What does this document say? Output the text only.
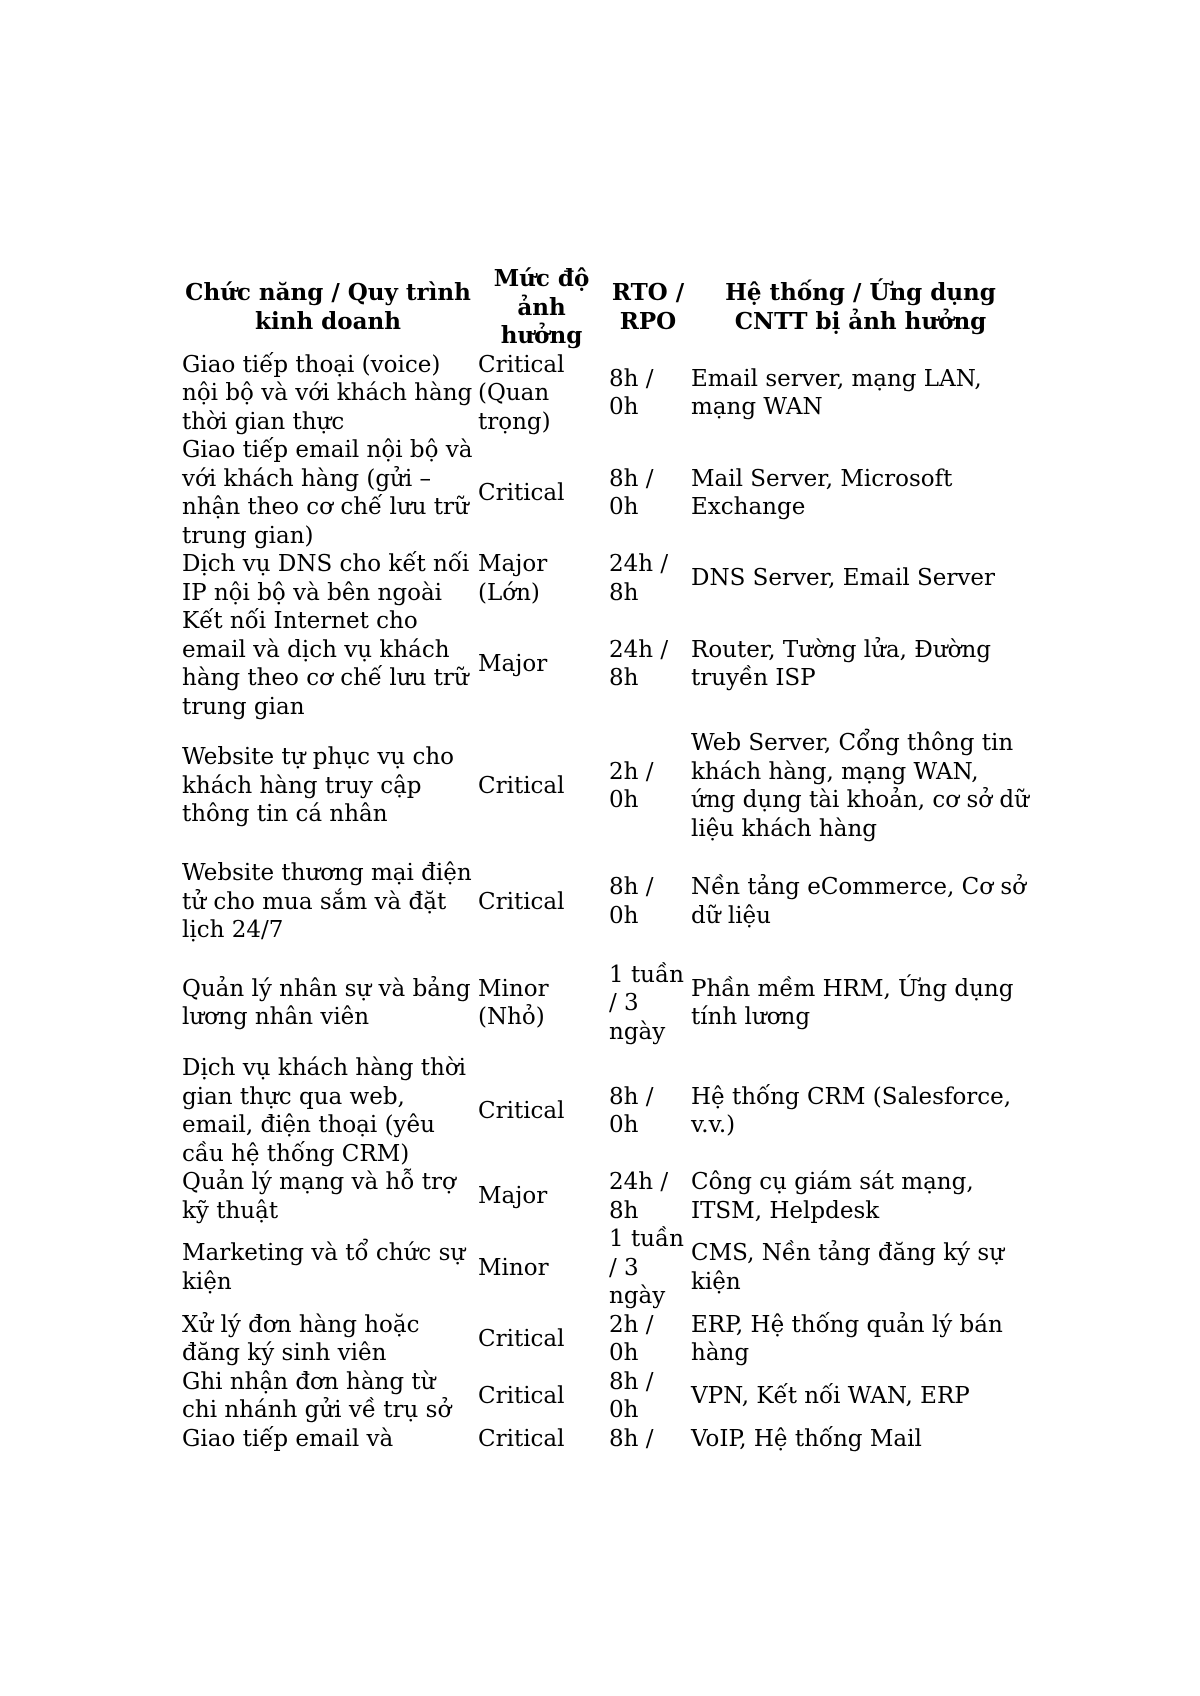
Chức năng / Quy trình kinh doanh	Mức độ ảnh hưởng	RTO / RPO	Hệ thống / Ứng dụng CNTT bị ảnh hưởng
Giao tiếp thoại (voice) nội bộ và với khách hàng thời gian thực	Critical (Quan trọng)	8h / 0h	Email server, mạng LAN, mạng WAN
Giao tiếp email nội bộ và với khách hàng (gửi – nhận theo cơ chế lưu trữ trung gian)	Critical	8h / 0h	Mail Server, Microsoft Exchange
Dịch vụ DNS cho kết nối IP nội bộ và bên ngoài	Major (Lớn)	24h / 8h	DNS Server, Email Server
Kết nối Internet cho email và dịch vụ khách hàng theo cơ chế lưu trữ trung gian	Major	24h / 8h	Router, Tường lửa, Đường truyền ISP
Website tự phục vụ cho khách hàng truy cập thông tin cá nhân	Critical	2h / 0h	Web Server, Cổng thông tin khách hàng, mạng WAN, ứng dụng tài khoản, cơ sở dữ liệu khách hàng
Website thương mại điện tử cho mua sắm và đặt lịch 24/7	Critical	8h / 0h	Nền tảng eCommerce, Cơ sở dữ liệu
Quản lý nhân sự và bảng lương nhân viên	Minor (Nhỏ)	1 tuần / 3 ngày	Phần mềm HRM, Ứng dụng tính lương
Dịch vụ khách hàng thời gian thực qua web, email, điện thoại (yêu cầu hệ thống CRM)	Critical	8h / 0h	Hệ thống CRM (Salesforce, v.v.)
Quản lý mạng và hỗ trợ kỹ thuật	Major	24h / 8h	Công cụ giám sát mạng, ITSM, Helpdesk
Marketing và tổ chức sự kiện	Minor	1 tuần / 3 ngày	CMS, Nền tảng đăng ký sự kiện
Xử lý đơn hàng hoặc đăng ký sinh viên	Critical	2h / 0h	ERP, Hệ thống quản lý bán hàng
Ghi nhận đơn hàng từ chi nhánh gửi về trụ sở	Critical	8h / 0h	VPN, Kết nối WAN, ERP
Giao tiếp email và	Critical	8h /	VoIP, Hệ thống Mail
